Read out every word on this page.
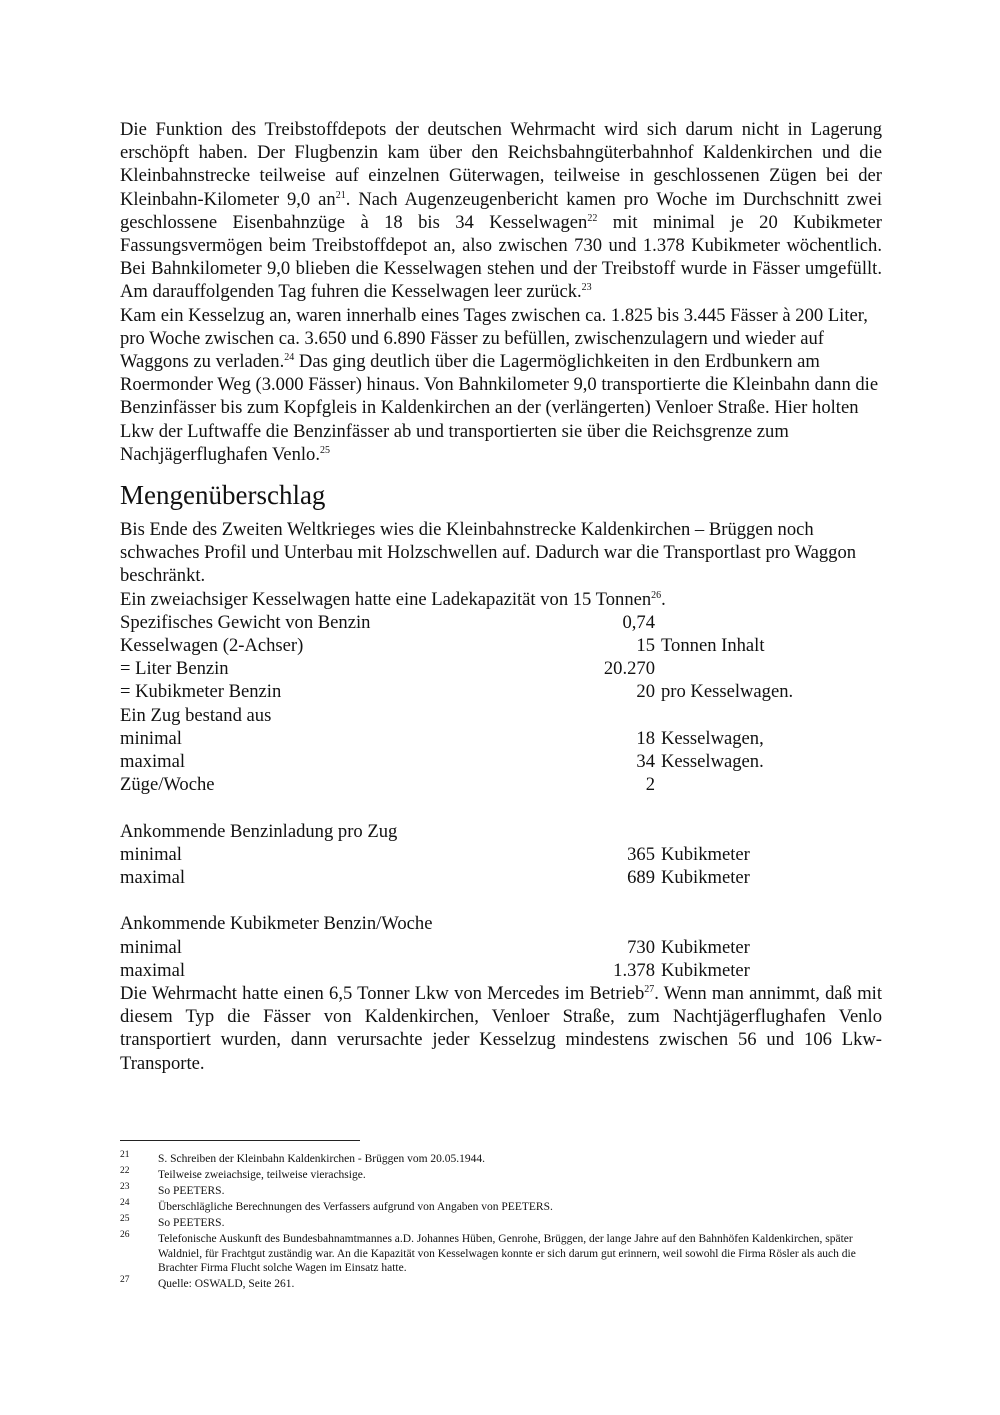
Die Funktion des Treibstoffdepots der deutschen Wehrmacht wird sich darum nicht in Lagerung erschöpft haben. Der Flugbenzin kam über den Reichsbahngüterbahnhof Kaldenkirchen und die Kleinbahnstrecke teilweise auf einzelnen Güterwagen, teilweise in geschlossenen Zügen bei der Kleinbahn-Kilometer 9,0 $an^{21}$. Nach Augenzeugenbericht kamen pro Woche im Durchschnitt zwei geschlossene Eisenbahnzüge à 18 bis 34 Kesselwagen$^{22}$ mit minimal je 20 Kubikmeter Fassungsvermögen beim Treibstoffdepot an, also zwischen 730 und 1.378 Kubikmeter wöchentlich. Bei Bahnkilometer 9,0 blieben die Kesselwagen stehen und der Treibstoff wurde in Fässer umgefüllt. Am darauffolgenden Tag fuhren die Kesselwagen leer zurück.$^{23}$

Kam ein Kesselzug an, waren innerhalb eines Tages zwischen ca. 1.825 bis 3.445 Fässer à 200 Liter, pro Woche zwischen ca. 3.650 und 6.890 Fässer zu befüllen, zwischenzulagern und wieder auf Waggons zu verladen.$^{24}$ Das ging deutlich über die Lagermöglichkeiten in den Erdbunkern am Roermonder Weg (3.000 Fässer) hinaus. Von Bahnkilometer 9,0 transportierte die Kleinbahn dann die Benzinfässer bis zum Kopfgleis in Kaldenkirchen an der (verlängerten) Venloer Straße. Hier holten Lkw der Luftwaffe die Benzinfässer ab und transportierten sie über die Reichsgrenze zum Nachjägerflughafen Venlo.$^{25}$

Mengenüberschlag

Bis Ende des Zweiten Weltkrieges wies die Kleinbahnstrecke Kaldenkirchen – Brüggen noch schwaches Profil und Unterbau mit Holzschwellen auf. Dadurch war die Transportlast pro Waggon beschränkt.

Ein zweiachsiger Kesselwagen hatte eine Ladekapazität von 15 Tonnen$^{26}$.

Spezifisches Gewicht von Benzin	0,74	
Kesselwagen (2-Achser)	15	Tonnen Inhalt
= Liter Benzin	20.270	
= Kubikmeter Benzin	20	pro Kesselwagen.
Ein Zug bestand aus		
minimal	18	Kesselwagen,
maximal	34	Kesselwagen.
Züge/Woche	2	

Ankommende Benzinladung pro Zug		
minimal	365	Kubikmeter
maximal	689	Kubikmeter

Ankommende Kubikmeter Benzin/Woche		
minimal	730	Kubikmeter
maximal	1.378	Kubikmeter

Die Wehrmacht hatte einen 6,5 Tonner Lkw von Mercedes im Betrieb$^{27}$. Wenn man annimmt, daß mit diesem Typ die Fässer von Kaldenkirchen, Venloer Straße, zum Nachtjägerflughafen Venlo transportiert wurden, dann verursachte jeder Kesselzug mindestens zwischen 56 und 106 Lkw-Transporte.

21 S. Schreiben der Kleinbahn Kaldenkirchen - Brüggen vom 20.05.1944.
22 Teilweise zweiachsige, teilweise vierachsige.
23 So PEETERS.
24 Überschlägliche Berechnungen des Verfassers aufgrund von Angaben von PEETERS.
25 So PEETERS.
26 Telefonische Auskunft des Bundesbahnamtmannes a.D. Johannes Hüben, Genrohe, Brüggen, der lange Jahre auf den Bahnhöfen Kaldenkirchen, später Waldniel, für Frachtgut zuständig war. An die Kapazität von Kesselwagen konnte er sich darum gut erinnern, weil sowohl die Firma Rösler als auch die Brachter Firma Flucht solche Wagen im Einsatz hatte.
27 Quelle: OSWALD, Seite 261.
